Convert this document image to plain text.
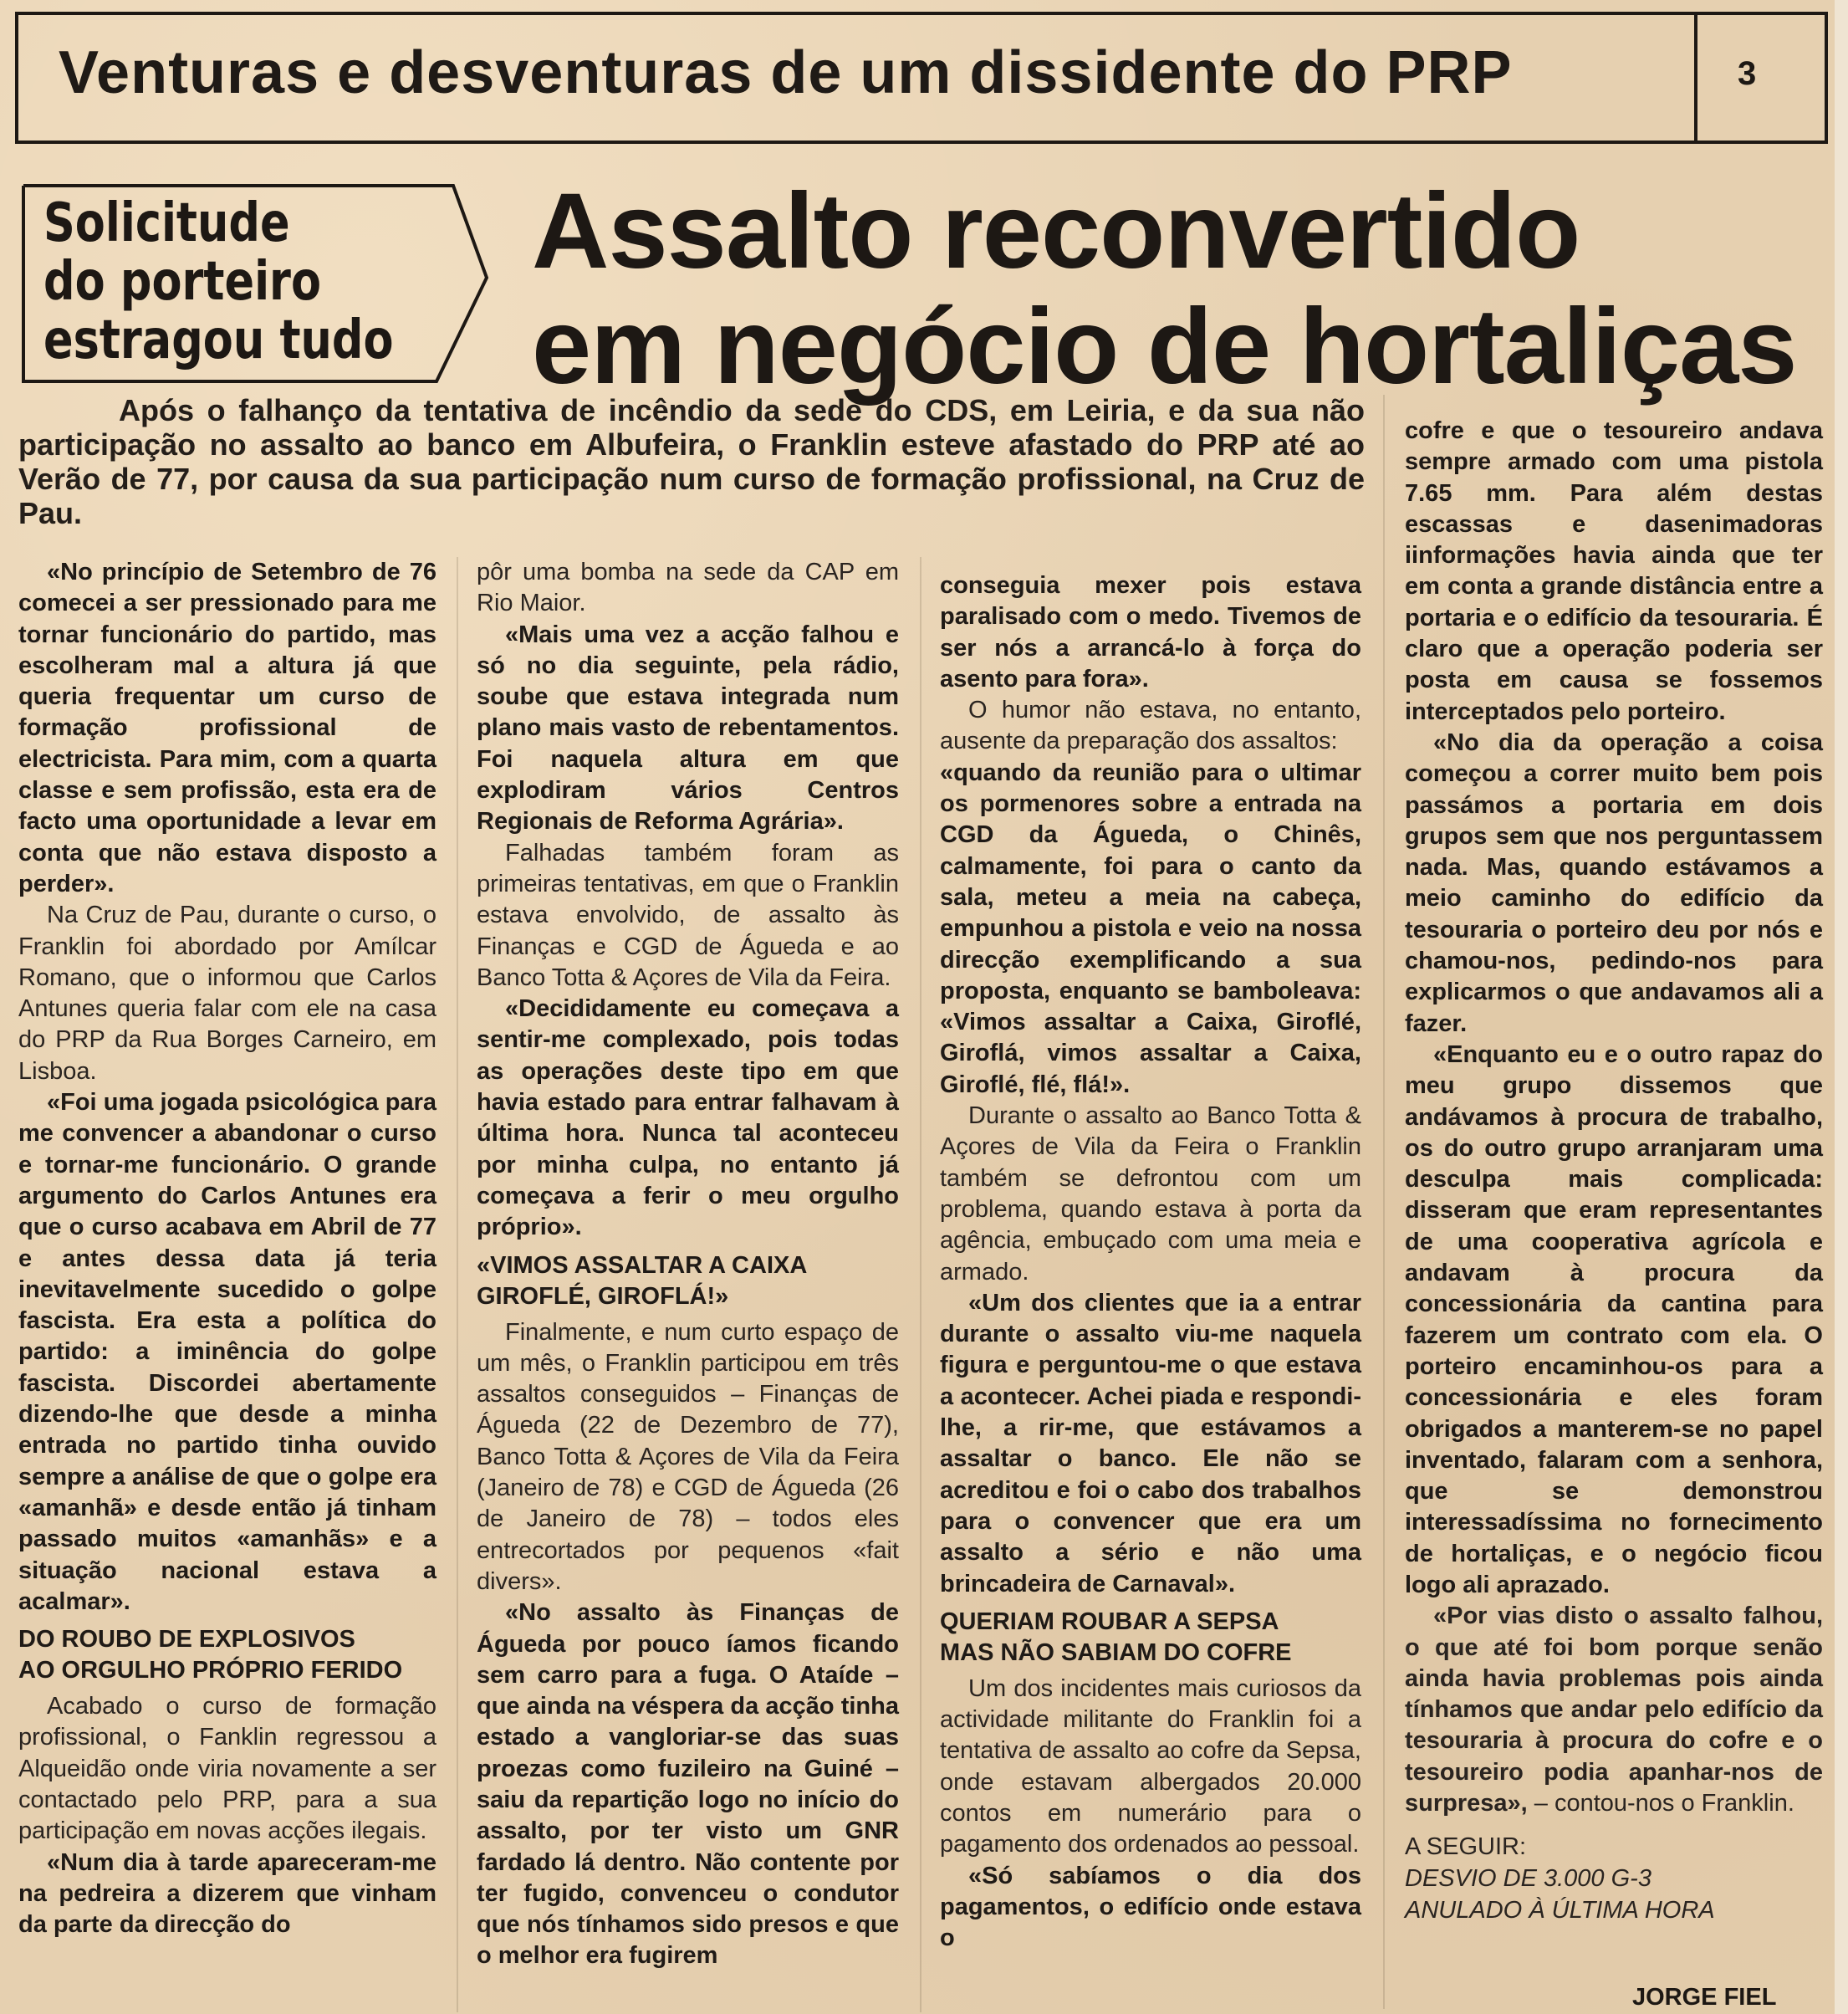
Venturas e desventuras de um dissidente do PRP	3
Solicitude
do porteiro
estragou tudo
Assalto reconvertido
em negócio de hortaliças
Após o falhanço da tentativa de incêndio da sede do CDS, em Leiria, e da sua não participação no assalto ao banco em Albufeira, o Franklin esteve afastado do PRP até ao Verão de 77, por causa da sua participação num curso de formação profissional, na Cruz de Pau.

«No princípio de Setembro de 76 comecei a ser pressionado para me tornar funcionário do partido, mas escolheram mal a altura já que queria frequentar um curso de formação profissional de electricista. Para mim, com a quarta classe e sem profissão, esta era de facto uma oportunidade a levar em conta que não estava disposto a perder».

Na Cruz de Pau, durante o curso, o Franklin foi abordado por Amílcar Romano, que o informou que Carlos Antunes queria falar com ele na casa do PRP da Rua Borges Carneiro, em Lisboa.

«Foi uma jogada psicológica para me convencer a abandonar o curso e tornar-me funcionário. O grande argumento do Carlos Antunes era que o curso acabava em Abril de 77 e antes dessa data já teria inevitavelmente sucedido o golpe fascista. Era esta a política do partido: a iminência do golpe fascista. Discordei abertamente dizendo-lhe que desde a minha entrada no partido tinha ouvido sempre a análise de que o golpe era «amanhã» e desde então já tinham passado muitos «amanhãs» e a situação nacional estava a acalmar».

DO ROUBO DE EXPLOSIVOS
AO ORGULHO PRÓPRIO FERIDO

Acabado o curso de formação profissional, o Fanklin regressou a Alqueidão onde viria novamente a ser contactado pelo PRP, para a sua participação em novas acções ilegais.

«Num dia à tarde apareceram-me na pedreira a dizerem que vinham da parte da direcção do

pôr uma bomba na sede da CAP em Rio Maior.

«Mais uma vez a acção falhou e só no dia seguinte, pela rádio, soube que estava integrada num plano mais vasto de rebentamentos. Foi naquela altura em que explodiram vários Centros Regionais de Reforma Agrária».

Falhadas também foram as primeiras tentativas, em que o Franklin estava envolvido, de assalto às Finanças e CGD de Águeda e ao Banco Totta & Açores de Vila da Feira.

«Decididamente eu começava a sentir-me complexado, pois todas as operações deste tipo em que havia estado para entrar falhavam à última hora. Nunca tal aconteceu por minha culpa, no entanto já começava a ferir o meu orgulho próprio».

«VIMOS ASSALTAR A CAIXA
GIROFLÉ, GIROFLÁ!»

Finalmente, e num curto espaço de um mês, o Franklin participou em três assaltos conseguidos – Finanças de Águeda (22 de Dezembro de 77), Banco Totta & Açores de Vila da Feira (Janeiro de 78) e CGD de Águeda (26 de Janeiro de 78) – todos eles entrecortados por pequenos «fait divers».

«No assalto às Finanças de Águeda por pouco íamos ficando sem carro para a fuga. O Ataíde – que ainda na véspera da acção tinha estado a vangloriar-se das suas proezas como fuzileiro na Guiné – saiu da repartição logo no início do assalto, por ter visto um GNR fardado lá dentro. Não contente por ter fugido, convenceu o condutor que nós tínhamos sido presos e que o melhor era fugirem

conseguia mexer pois estava paralisado com o medo. Tivemos de ser nós a arrancá-lo à força do asento para fora».

O humor não estava, no entanto, ausente da preparação dos assaltos:

«quando da reunião para o ultimar os pormenores sobre a entrada na CGD da Águeda, o Chinês, calmamente, foi para o canto da sala, meteu a meia na cabeça, empunhou a pistola e veio na nossa direcção exemplificando a sua proposta, enquanto se bamboleava: «Vimos assaltar a Caixa, Giroflé, Giroflá, vimos assaltar a Caixa, Giroflé, flé, flá!».

Durante o assalto ao Banco Totta & Açores de Vila da Feira o Franklin também se defrontou com um problema, quando estava à porta da agência, embuçado com uma meia e armado.

«Um dos clientes que ia a entrar durante o assalto viu-me naquela figura e perguntou-me o que estava a acontecer. Achei piada e respondi-lhe, a rir-me, que estávamos a assaltar o banco. Ele não se acreditou e foi o cabo dos trabalhos para o convencer que era um assalto a sério e não uma brincadeira de Carnaval».

QUERIAM ROUBAR A SEPSA
MAS NÃO SABIAM DO COFRE

Um dos incidentes mais curiosos da actividade militante do Franklin foi a tentativa de assalto ao cofre da Sepsa, onde estavam albergados 20.000 contos em numerário para o pagamento dos ordenados ao pessoal.

«Só sabíamos o dia dos pagamentos, o edifício onde estava o

cofre e que o tesoureiro andava sempre armado com uma pistola 7.65 mm. Para além destas escassas e dasenimadoras iinformações havia ainda que ter em conta a grande distância entre a portaria e o edifício da tesouraria. É claro que a operação poderia ser posta em causa se fossemos interceptados pelo porteiro.

«No dia da operação a coisa começou a correr muito bem pois passámos a portaria em dois grupos sem que nos perguntassem nada. Mas, quando estávamos a meio caminho do edifício da tesouraria o porteiro deu por nós e chamou-nos, pedindo-nos para explicarmos o que andavamos ali a fazer.

«Enquanto eu e o outro rapaz do meu grupo dissemos que andávamos à procura de trabalho, os do outro grupo arranjaram uma desculpa mais complicada: disseram que eram representantes de uma cooperativa agrícola e andavam à procura da concessionária da cantina para fazerem um contrato com ela. O porteiro encaminhou-os para a concessionária e eles foram obrigados a manterem-se no papel inventado, falaram com a senhora, que se demonstrou interessadíssima no fornecimento de hortaliças, e o negócio ficou logo ali aprazado.

«Por vias disto o assalto falhou, o que até foi bom porque senão ainda havia problemas pois ainda tínhamos que andar pelo edifício da tesouraria à procura do cofre e o tesoureiro podia apanhar-nos de surpresa», – contou-nos o Franklin.

A SEGUIR:
DESVIO DE 3.000 G-3
ANULADO À ÚLTIMA HORA
JORGE FIEL
